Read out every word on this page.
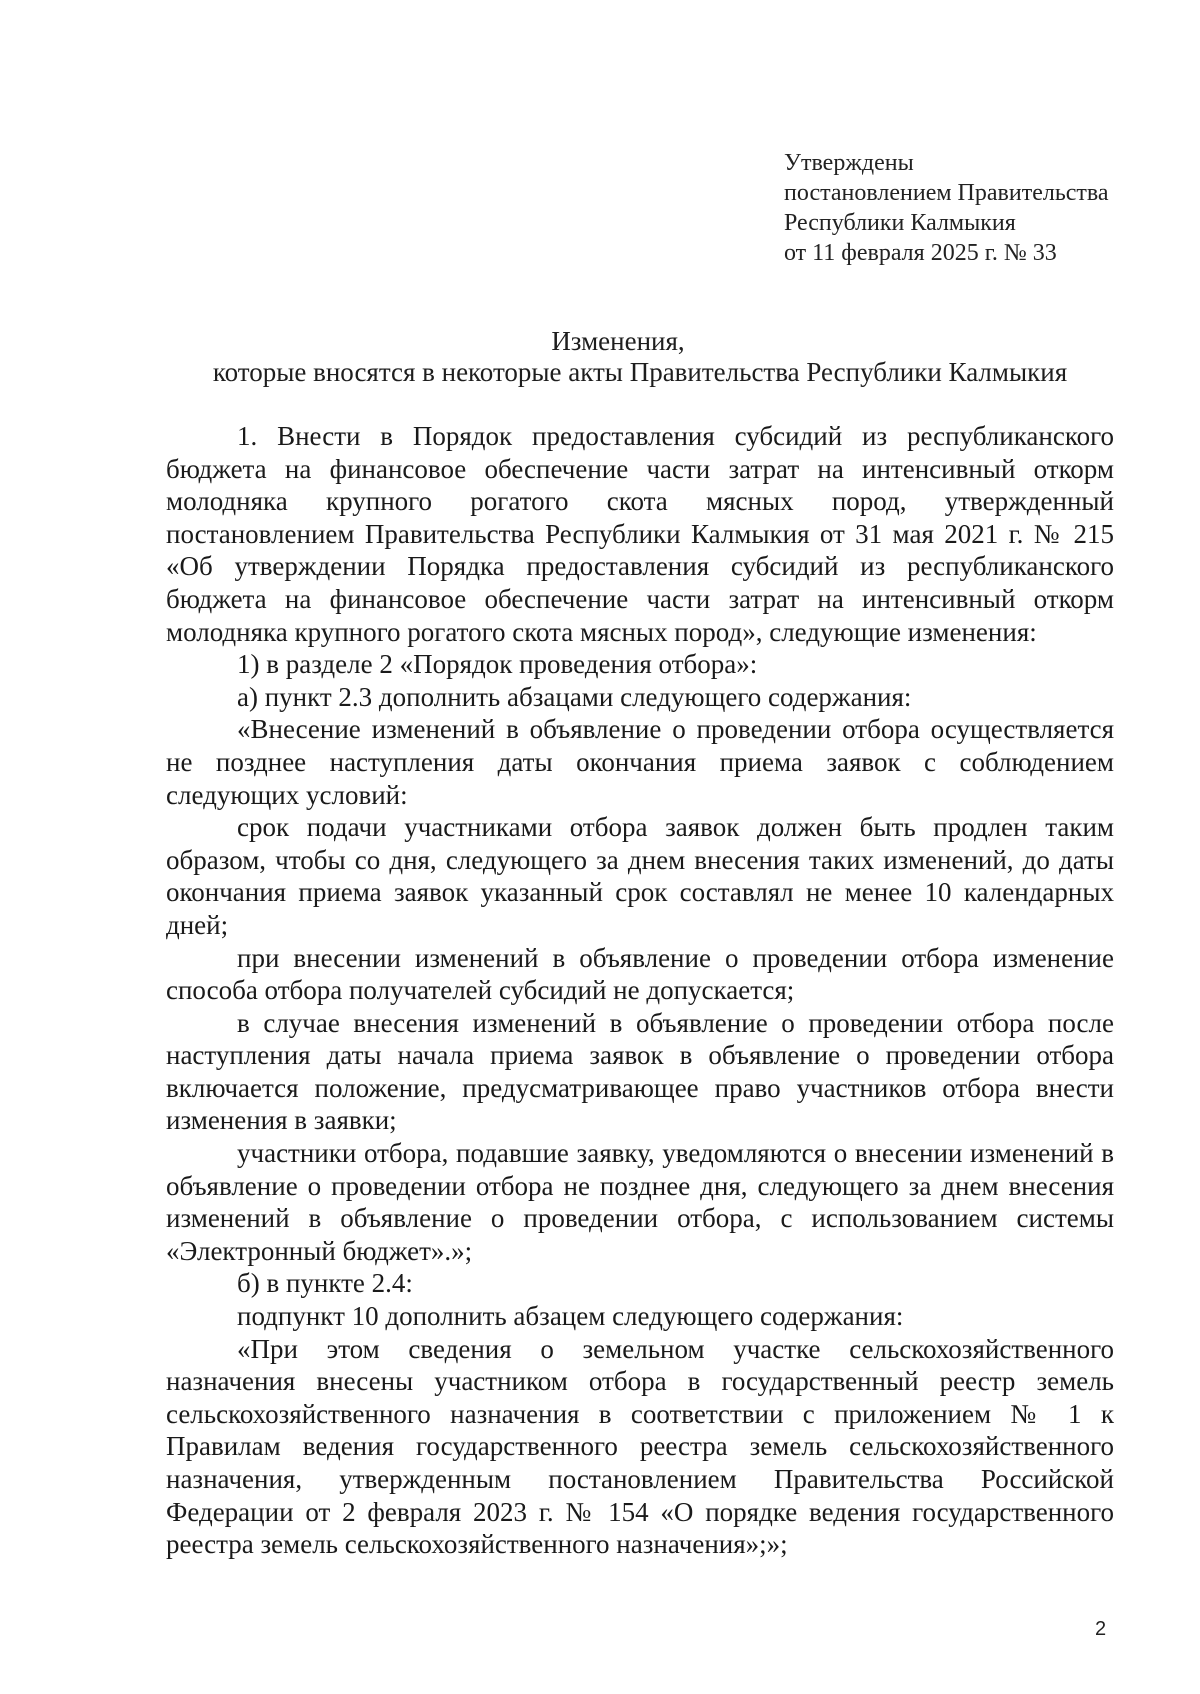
Утверждены
постановлением Правительства
Республики Калмыкия
от 11 февраля 2025 г. № 33
Изменения,
которые вносятся в некоторые акты Правительства Республики Калмыкия

1. Внести в Порядок предоставления субсидий из республиканского бюджета на финансовое обеспечение части затрат на интенсивный откорм молодняка крупного рогатого скота мясных пород, утвержденный постановлением Правительства Республики Калмыкия от 31 мая 2021 г. № 215 «Об утверждении Порядка предоставления субсидий из республиканского бюджета на финансовое обеспечение части затрат на интенсивный откорм молодняка крупного рогатого скота мясных пород», следующие изменения:

1) в разделе 2 «Порядок проведения отбора»:

а) пункт 2.3 дополнить абзацами следующего содержания:

«Внесение изменений в объявление о проведении отбора осуществляется не позднее наступления даты окончания приема заявок с соблюдением следующих условий:

срок подачи участниками отбора заявок должен быть продлен таким образом, чтобы со дня, следующего за днем внесения таких изменений, до даты окончания приема заявок указанный срок составлял не менее 10 календарных дней;

при внесении изменений в объявление о проведении отбора изменение способа отбора получателей субсидий не допускается;

в случае внесения изменений в объявление о проведении отбора после наступления даты начала приема заявок в объявление о проведении отбора включается положение, предусматривающее право участников отбора внести изменения в заявки;

участники отбора, подавшие заявку, уведомляются о внесении изменений в объявление о проведении отбора не позднее дня, следующего за днем внесения изменений в объявление о проведении отбора, с использованием системы «Электронный бюджет».»;

б) в пункте 2.4:

подпункт 10 дополнить абзацем следующего содержания:

«При этом сведения о земельном участке сельскохозяйственного назначения внесены участником отбора в государственный реестр земель сельскохозяйственного назначения в соответствии с приложением № 1 к Правилам ведения государственного реестра земель сельскохозяйственного назначения, утвержденным постановлением Правительства Российской Федерации от 2 февраля 2023 г. № 154 «О порядке ведения государственного реестра земель сельскохозяйственного назначения»;»;

2
